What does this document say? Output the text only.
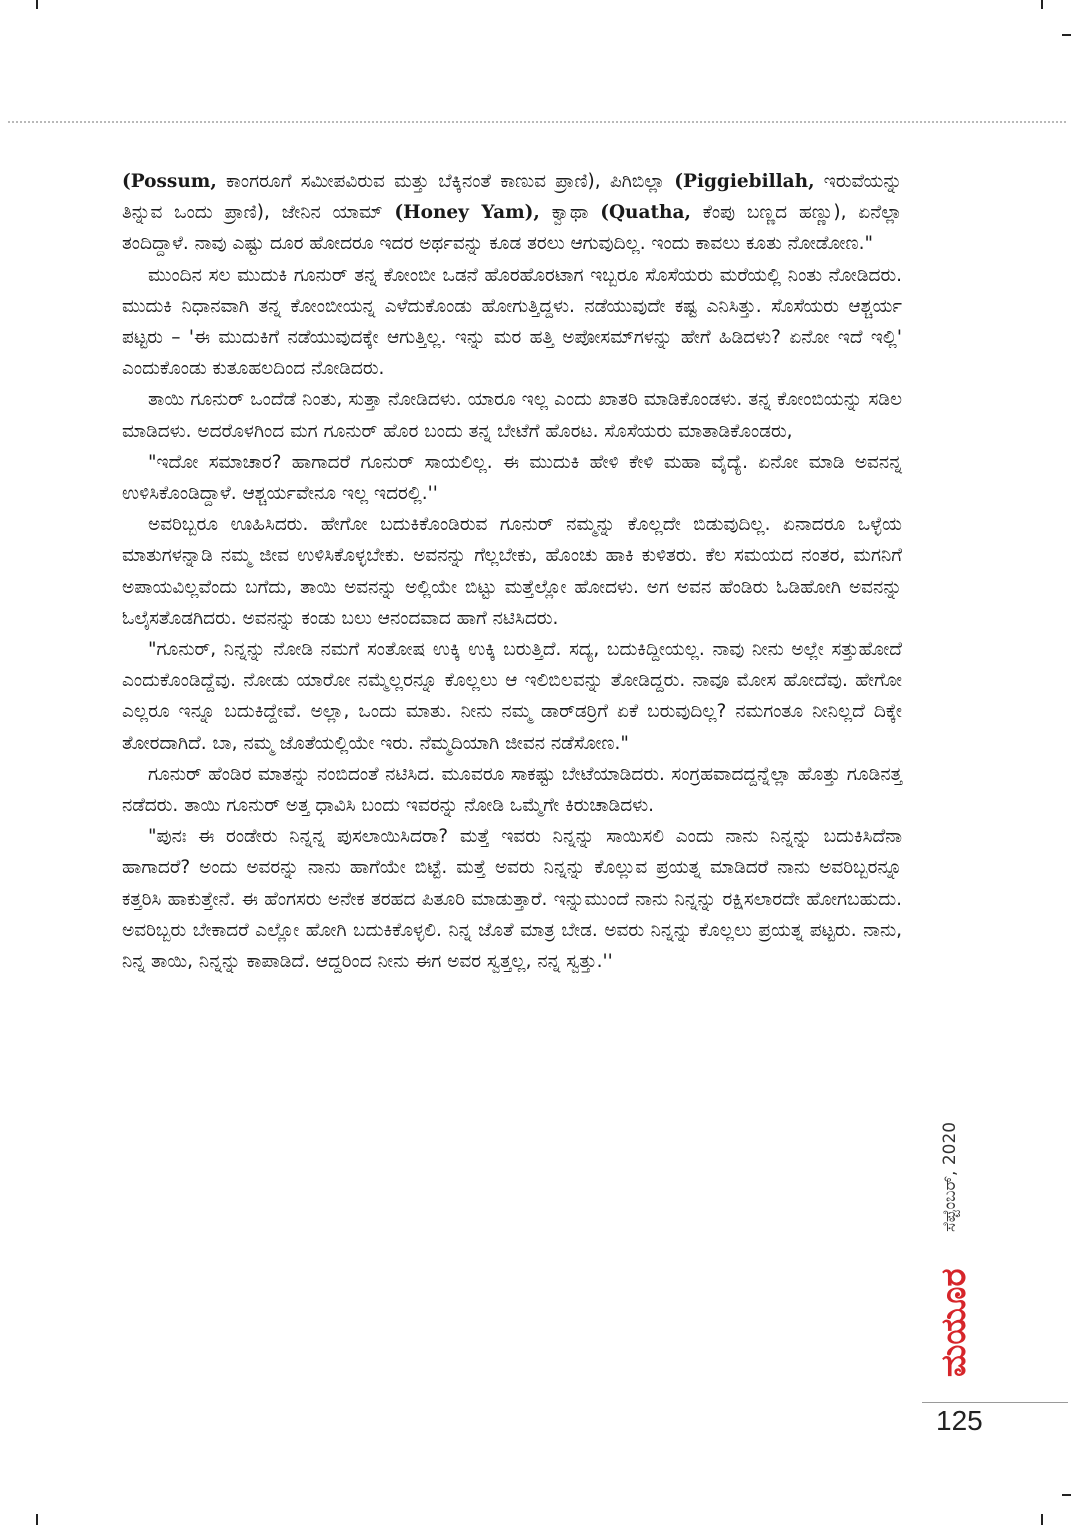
(Possum, ಕಾಂಗರೂಗೆ ಸಮೀಪವಿರುವ ಮತ್ತು ಬೆಕ್ಕಿನಂತೆ ಕಾಣುವ ಪ್ರಾಣಿ), ಪಿಗಿಬಿಲ್ಲಾ (Piggiebillah, ಇರುವೆಯನ್ನು ತಿನ್ನುವ ಒಂದು ಪ್ರಾಣಿ), ಜೇನಿನ ಯಾಮ್ (Honey Yam), ಕ್ವಾಥಾ (Quatha, ಕೆಂಪು ಬಣ್ಣದ ಹಣ್ಣು), ಏನೆಲ್ಲಾ ತಂದಿದ್ದಾಳೆ. ನಾವು ಎಷ್ಟು ದೂರ ಹೋದರೂ ಇದರ ಅರ್ಥವನ್ನು ಕೂಡ ತರಲು ಆಗುವುದಿಲ್ಲ. ಇಂದು ಕಾವಲು ಕೂತು ನೋಡೋಣ."

ಮುಂದಿನ ಸಲ ಮುದುಕಿ ಗೂನುರ್ ತನ್ನ ಕೋಂಬೀ ಒಡನೆ ಹೊರಹೊರಟಾಗ ಇಬ್ಬರೂ ಸೊಸೆಯರು ಮರೆಯಲ್ಲಿ ನಿಂತು ನೋಡಿದರು. ಮುದುಕಿ ನಿಧಾನವಾಗಿ ತನ್ನ ಕೋಂಬೀಯನ್ನ ಎಳೆದುಕೊಂಡು ಹೋಗುತ್ತಿದ್ದಳು. ನಡೆಯುವುದೇ ಕಷ್ಟ ಎನಿಸಿತ್ತು. ಸೊಸೆಯರು ಆಶ್ಚರ್ಯ ಪಟ್ಟರು – 'ಈ ಮುದುಕಿಗೆ ನಡೆಯುವುದಕ್ಕೇ ಆಗುತ್ತಿಲ್ಲ. ಇನ್ನು ಮರ ಹತ್ತಿ ಅಪೋಸಮ್‌ಗಳನ್ನು ಹೇಗೆ ಹಿಡಿದಳು? ಏನೋ ಇದೆ ಇಲ್ಲಿ' ಎಂದುಕೊಂಡು ಕುತೂಹಲದಿಂದ ನೋಡಿದರು.

ತಾಯಿ ಗೂನುರ್ ಒಂದೆಡೆ ನಿಂತು, ಸುತ್ತಾ ನೋಡಿದಳು. ಯಾರೂ ಇಲ್ಲ ಎಂದು ಖಾತರಿ ಮಾಡಿಕೊಂಡಳು. ತನ್ನ ಕೋಂಬಿಯನ್ನು ಸಡಿಲ ಮಾಡಿದಳು. ಅದರೊಳಗಿಂದ ಮಗ ಗೂನುರ್ ಹೊರ ಬಂದು ತನ್ನ ಬೇಟೆಗೆ ಹೊರಟ. ಸೊಸೆಯರು ಮಾತಾಡಿಕೊಂಡರು,

"ಇದೋ ಸಮಾಚಾರ? ಹಾಗಾದರೆ ಗೂನುರ್ ಸಾಯಲಿಲ್ಲ. ಈ ಮುದುಕಿ ಹೇಳಿ ಕೇಳಿ ಮಹಾ ವೈದ್ಯೆ. ಏನೋ ಮಾಡಿ ಅವನನ್ನ ಉಳಿಸಿಕೊಂಡಿದ್ದಾಳೆ. ಆಶ್ಚರ್ಯವೇನೂ ಇಲ್ಲ ಇದರಲ್ಲಿ.''

ಅವರಿಬ್ಬರೂ ಊಹಿಸಿದರು. ಹೇಗೋ ಬದುಕಿಕೊಂಡಿರುವ ಗೂನುರ್ ನಮ್ಮನ್ನು ಕೊಲ್ಲದೇ ಬಿಡುವುದಿಲ್ಲ. ಏನಾದರೂ ಒಳ್ಳೆಯ ಮಾತುಗಳನ್ನಾಡಿ ನಮ್ಮ ಜೀವ ಉಳಿಸಿಕೊಳ್ಳಬೇಕು. ಅವನನ್ನು ಗೆಲ್ಲಬೇಕು, ಹೊಂಚು ಹಾಕಿ ಕುಳಿತರು. ಕೆಲ ಸಮಯದ ನಂತರ, ಮಗನಿಗೆ ಅಪಾಯವಿಲ್ಲವೆಂದು ಬಗೆದು, ತಾಯಿ ಅವನನ್ನು ಅಲ್ಲಿಯೇ ಬಿಟ್ಟು ಮತ್ತೆಲ್ಲೋ ಹೋದಳು. ಅಗ ಅವನ ಹೆಂಡಿರು ಓಡಿಹೋಗಿ ಅವನನ್ನು ಓಲೈಸತೊಡಗಿದರು. ಅವನನ್ನು ಕಂಡು ಬಲು ಆನಂದವಾದ ಹಾಗೆ ನಟಿಸಿದರು.

"ಗೂನುರ್, ನಿನ್ನನ್ನು ನೋಡಿ ನಮಗೆ ಸಂತೋಷ ಉಕ್ಕಿ ಉಕ್ಕಿ ಬರುತ್ತಿದೆ. ಸದ್ಯ, ಬದುಕಿದ್ದೀಯಲ್ಲ. ನಾವು ನೀನು ಅಲ್ಲೇ ಸತ್ತುಹೋದೆ ಎಂದುಕೊಂಡಿದ್ದೆವು. ನೋಡು ಯಾರೋ ನಮ್ಮೆಲ್ಲರನ್ನೂ ಕೊಲ್ಲಲು ಆ ಇಲಿಬಿಲವನ್ನು ತೋಡಿದ್ದರು. ನಾವೂ ಮೋಸ ಹೋದೆವು. ಹೇಗೋ ಎಲ್ಲರೂ ಇನ್ನೂ ಬದುಕಿದ್ದೇವೆ. ಅಲ್ಲಾ, ಒಂದು ಮಾತು. ನೀನು ನಮ್ಮ ಡಾರ್‌ಡರ‍್ರಿಗೆ ಏಕೆ ಬರುವುದಿಲ್ಲ? ನಮಗಂತೂ ನೀನಿಲ್ಲದೆ ದಿಕ್ಕೇ ತೋರದಾಗಿದೆ. ಬಾ, ನಮ್ಮ ಜೊತೆಯಲ್ಲಿಯೇ ಇರು. ನೆಮ್ಮದಿಯಾಗಿ ಜೀವನ ನಡೆಸೋಣ."

ಗೂನುರ್ ಹೆಂಡಿರ ಮಾತನ್ನು ನಂಬಿದಂತೆ ನಟಿಸಿದ. ಮೂವರೂ ಸಾಕಷ್ಟು ಬೇಟೆಯಾಡಿದರು. ಸಂಗ್ರಹವಾದದ್ದನ್ನೆಲ್ಲಾ ಹೊತ್ತು ಗೂಡಿನತ್ತ ನಡೆದರು. ತಾಯಿ ಗೂನುರ್ ಅತ್ತ ಧಾವಿಸಿ ಬಂದು ಇವರನ್ನು ನೋಡಿ ಒಮ್ಮೆಗೇ ಕಿರುಚಾಡಿದಳು.

"ಪುನಃ ಈ ರಂಡೇರು ನಿನ್ನನ್ನ ಪುಸಲಾಯಿಸಿದರಾ? ಮತ್ತೆ ಇವರು ನಿನ್ನನ್ನು ಸಾಯಿಸಲಿ ಎಂದು ನಾನು ನಿನ್ನನ್ನು ಬದುಕಿಸಿದೆನಾ ಹಾಗಾದರೆ? ಅಂದು ಅವರನ್ನು ನಾನು ಹಾಗೆಯೇ ಬಿಟ್ಟೆ. ಮತ್ತೆ ಅವರು ನಿನ್ನನ್ನು ಕೊಲ್ಲುವ ಪ್ರಯತ್ನ ಮಾಡಿದರೆ ನಾನು ಅವರಿಬ್ಬರನ್ನೂ ಕತ್ತರಿಸಿ ಹಾಕುತ್ತೇನೆ. ಈ ಹೆಂಗಸರು ಅನೇಕ ತರಹದ ಪಿತೂರಿ ಮಾಡುತ್ತಾರೆ. ಇನ್ನುಮುಂದೆ ನಾನು ನಿನ್ನನ್ನು ರಕ್ಷಿಸಲಾರದೇ ಹೋಗಬಹುದು. ಅವರಿಬ್ಬರು ಬೇಕಾದರೆ ಎಲ್ಲೋ ಹೋಗಿ ಬದುಕಿಕೊಳ್ಳಲಿ. ನಿನ್ನ ಜೊತೆ ಮಾತ್ರ ಬೇಡ. ಅವರು ನಿನ್ನನ್ನು ಕೊಲ್ಲಲು ಪ್ರಯತ್ನ ಪಟ್ಟರು. ನಾನು, ನಿನ್ನ ತಾಯಿ, ನಿನ್ನನ್ನು ಕಾಪಾಡಿದೆ. ಆದ್ದರಿಂದ ನೀನು ಈಗ ಅವರ ಸ್ವತ್ತಲ್ಲ, ನನ್ನ ಸ್ವತ್ತು.''

ಸೆಪ್ಟೆಂಬರ್, 2020
ಮಯೂರ
125
